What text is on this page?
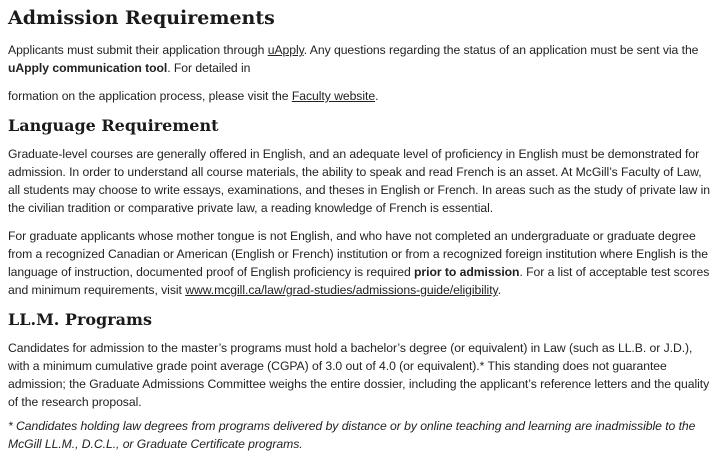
Admission Requirements

Applicants must submit their application through uApply. Any questions regarding the status of an application must be sent via the uApply communication tool. For detailed in

formation on the application process, please visit the Faculty website.

Language Requirement

Graduate-level courses are generally offered in English, and an adequate level of proficiency in English must be demonstrated for admission. In order to understand all course materials, the ability to speak and read French is an asset. At McGill’s Faculty of Law, all students may choose to write essays, examinations, and theses in English or French. In areas such as the study of private law in the civilian tradition or comparative private law, a reading knowledge of French is essential.

For graduate applicants whose mother tongue is not English, and who have not completed an undergraduate or graduate degree from a recognized Canadian or American (English or French) institution or from a recognized foreign institution where English is the language of instruction, documented proof of English proficiency is required prior to admission. For a list of acceptable test scores and minimum requirements, visit www.mcgill.ca/law/grad-studies/admissions-guide/eligibility.

LL.M. Programs

Candidates for admission to the master’s programs must hold a bachelor’s degree (or equivalent) in Law (such as LL.B. or J.D.), with a minimum cumulative grade point average (CGPA) of 3.0 out of 4.0 (or equivalent).* This standing does not guarantee admission; the Graduate Admissions Committee weighs the entire dossier, including the applicant’s reference letters and the quality of the research proposal.

* Candidates holding law degrees from programs delivered by distance or by online teaching and learning are inadmissible to the McGill LL.M., D.C.L., or Graduate Certificate programs.
